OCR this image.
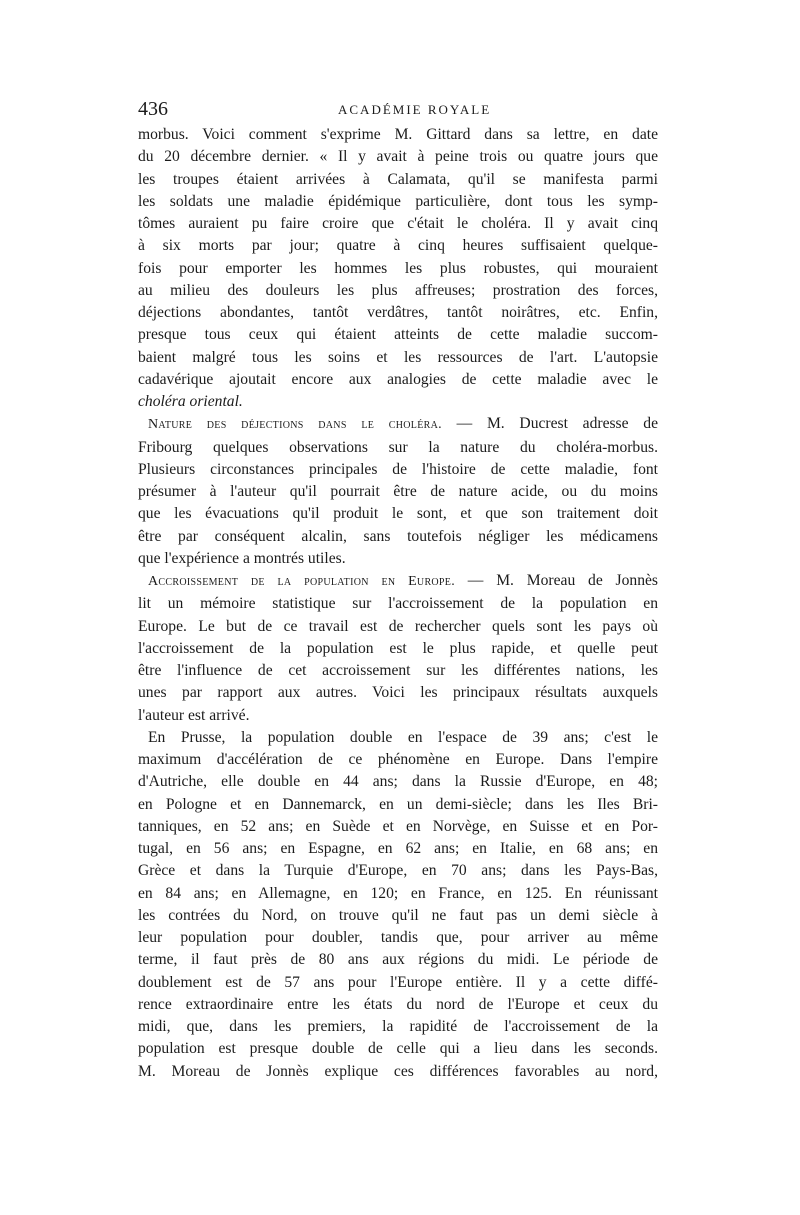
436	ACADÉMIE ROYALE
morbus. Voici comment s'exprime M. Gittard dans sa lettre, en date
du 20 décembre dernier. « Il y avait à peine trois ou quatre jours que
les troupes étaient arrivées à Calamata, qu'il se manifesta parmi
les soldats une maladie épidémique particulière, dont tous les symp-
tômes auraient pu faire croire que c'était le choléra. Il y avait cinq
à six morts par jour; quatre à cinq heures suffisaient quelque-
fois pour emporter les hommes les plus robustes, qui mouraient
au milieu des douleurs les plus affreuses; prostration des forces,
déjections abondantes, tantôt verdâtres, tantôt noirâtres, etc. Enfin,
presque tous ceux qui étaient atteints de cette maladie succom-
baient malgré tous les soins et les ressources de l'art. L'autopsie
cadavérique ajoutait encore aux analogies de cette maladie avec le
choléra oriental.
Nature des déjections dans le choléra. — M. Ducrest adresse de
Fribourg quelques observations sur la nature du choléra-morbus.
Plusieurs circonstances principales de l'histoire de cette maladie, font
présumer à l'auteur qu'il pourrait être de nature acide, ou du moins
que les évacuations qu'il produit le sont, et que son traitement doit
être par conséquent alcalin, sans toutefois négliger les médicamens
que l'expérience a montrés utiles.
Accroissement de la population en Europe. — M. Moreau de Jonnès
lit un mémoire statistique sur l'accroissement de la population en
Europe. Le but de ce travail est de rechercher quels sont les pays où
l'accroissement de la population est le plus rapide, et quelle peut
être l'influence de cet accroissement sur les différentes nations, les
unes par rapport aux autres. Voici les principaux résultats auxquels
l'auteur est arrivé.
En Prusse, la population double en l'espace de 39 ans; c'est le
maximum d'accélération de ce phénomène en Europe. Dans l'empire
d'Autriche, elle double en 44 ans; dans la Russie d'Europe, en 48;
en Pologne et en Dannemarck, en un demi-siècle; dans les Iles Bri-
tanniques, en 52 ans; en Suède et en Norvège, en Suisse et en Por-
tugal, en 56 ans; en Espagne, en 62 ans; en Italie, en 68 ans; en
Grèce et dans la Turquie d'Europe, en 70 ans; dans les Pays-Bas,
en 84 ans; en Allemagne, en 120; en France, en 125. En réunissant
les contrées du Nord, on trouve qu'il ne faut pas un demi siècle à
leur population pour doubler, tandis que, pour arriver au même
terme, il faut près de 80 ans aux régions du midi. Le période de
doublement est de 57 ans pour l'Europe entière. Il y a cette diffé-
rence extraordinaire entre les états du nord de l'Europe et ceux du
midi, que, dans les premiers, la rapidité de l'accroissement de la
population est presque double de celle qui a lieu dans les seconds.
M. Moreau de Jonnès explique ces différences favorables au nord,
